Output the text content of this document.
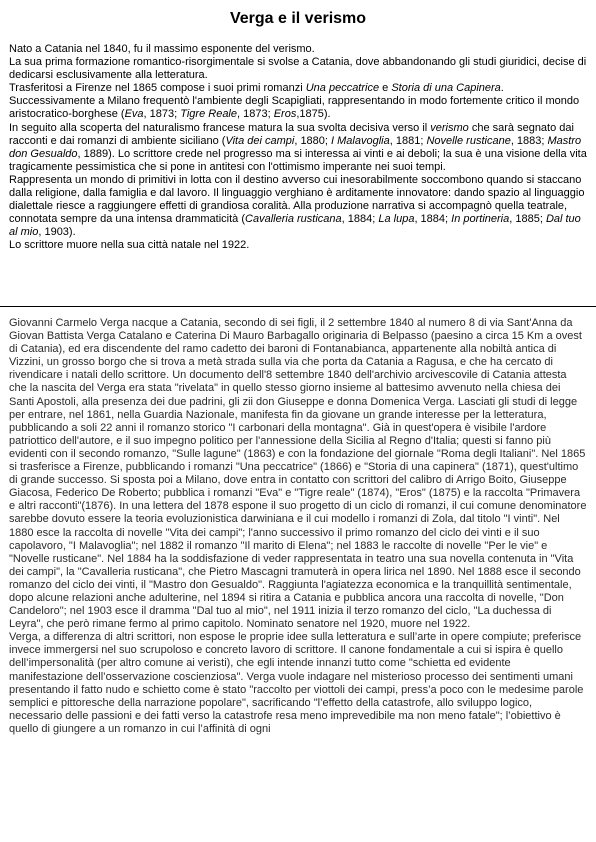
Verga e il verismo

Nato a Catania nel 1840, fu il massimo esponente del verismo.

La sua prima formazione romantico-risorgimentale si svolse a Catania, dove abbandonando gli studi giuridici, decise di dedicarsi esclusivamente alla letteratura.

Trasferitosi a Firenze nel 1865 compose i suoi primi romanzi Una peccatrice e Storia di una Capinera.

Successivamente a Milano frequentò l'ambiente degli Scapigliati, rappresentando in modo fortemente critico il mondo aristocratico-borghese (Eva, 1873; Tigre Reale, 1873; Eros,1875).

In seguito alla scoperta del naturalismo francese matura la sua svolta decisiva verso il verismo che sarà segnato dai racconti e dai romanzi di ambiente siciliano (Vita dei campi, 1880; I Malavoglia, 1881; Novelle rusticane, 1883; Mastro don Gesualdo, 1889). Lo scrittore crede nel progresso ma si interessa ai vinti e ai deboli; la sua è una visione della vita tragicamente pessimistica che si pone in antitesi con l'ottimismo imperante nei suoi tempi.

Rappresenta un mondo di primitivi in lotta con il destino avverso cui inesorabilmente soccombono quando si staccano dalla religione, dalla famiglia e dal lavoro. Il linguaggio verghiano è arditamente innovatore: dando spazio al linguaggio dialettale riesce a raggiungere effetti di grandiosa coralità. Alla produzione narrativa si accompagnò quella teatrale, connotata sempre da una intensa drammaticità (Cavalleria rusticana, 1884; La lupa, 1884; In portineria, 1885; Dal tuo al mio, 1903).

Lo scrittore muore nella sua città natale nel 1922.

Giovanni Carmelo Verga nacque a Catania, secondo di sei figli, il 2 settembre 1840 al numero 8 di via Sant'Anna da Giovan Battista Verga Catalano e Caterina Di Mauro Barbagallo originaria di Belpasso (paesino a circa 15 Km a ovest di Catania), ed era discendente del ramo cadetto dei baroni di Fontanabianca, appartenente alla nobiltà antica di Vizzini, un grosso borgo che si trova a metà strada sulla via che porta da Catania a Ragusa, e che ha cercato di rivendicare i natali dello scrittore. Un documento dell'8 settembre 1840 dell'archivio arcivescovile di Catania attesta che la nascita del Verga era stata "rivelata" in quello stesso giorno insieme al battesimo avvenuto nella chiesa dei Santi Apostoli, alla presenza dei due padrini, gli zii don Giuseppe e donna Domenica Verga. Lasciati gli studi di legge per entrare, nel 1861, nella Guardia Nazionale, manifesta fin da giovane un grande interesse per la letteratura, pubblicando a soli 22 anni il romanzo storico "I carbonari della montagna". Già in quest'opera è visibile l'ardore patriottico dell'autore, e il suo impegno politico per l'annessione della Sicilia al Regno d'Italia; questi si fanno più evidenti con il secondo romanzo, "Sulle lagune" (1863) e con la fondazione del giornale "Roma degli Italiani". Nel 1865 si trasferisce a Firenze, pubblicando i romanzi "Una peccatrice" (1866) e "Storia di una capinera" (1871), quest'ultimo di grande successo. Si sposta poi a Milano, dove entra in contatto con scrittori del calibro di Arrigo Boito, Giuseppe Giacosa, Federico De Roberto; pubblica i romanzi "Eva" e "Tigre reale" (1874), "Eros" (1875) e la raccolta "Primavera e altri racconti"(1876). In una lettera del 1878 espone il suo progetto di un ciclo di romanzi, il cui comune denominatore sarebbe dovuto essere la teoria evoluzionistica darwiniana e il cui modello i romanzi di Zola, dal titolo "I vinti". Nel 1880 esce la raccolta di novelle "Vita dei campi"; l'anno successivo il primo romanzo del ciclo dei vinti e il suo capolavoro, "I Malavoglia"; nel 1882 il romanzo "Il marito di Elena"; nel 1883 le raccolte di novelle "Per le vie" e "Novelle rusticane". Nel 1884 ha la soddisfazione di veder rappresentata in teatro una sua novella contenuta in "Vita dei campi", la "Cavalleria rusticana", che Pietro Mascagni tramuterà in opera lirica nel 1890. Nel 1888 esce il secondo romanzo del ciclo dei vinti, il "Mastro don Gesualdo". Raggiunta l'agiatezza economica e la tranquillità sentimentale, dopo alcune relazioni anche adulterine, nel 1894 si ritira a Catania e pubblica ancora una raccolta di novelle, "Don Candeloro"; nel 1903 esce il dramma "Dal tuo al mio", nel 1911 inizia il terzo romanzo del ciclo, "La duchessa di Leyra", che però rimane fermo al primo capitolo. Nominato senatore nel 1920, muore nel 1922.

Verga, a differenza di altri scrittori, non espose le proprie idee sulla letteratura e sull’arte in opere compiute; preferisce invece immergersi nel suo scrupoloso e concreto lavoro di scrittore. Il canone fondamentale a cui si ispira è quello dell’impersonalità (per altro comune ai veristi), che egli intende innanzi tutto come "schietta ed evidente manifestazione dell’osservazione coscienziosa". Verga vuole indagare nel misterioso processo dei sentimenti umani presentando il fatto nudo e schietto come è stato "raccolto per viottoli dei campi, press’a poco con le medesime parole semplici e pittoresche della narrazione popolare", sacrificando "l’effetto della catastrofe, allo sviluppo logico, necessario delle passioni e dei fatti verso la catastrofe resa meno imprevedibile ma non meno fatale"; l’obiettivo è quello di giungere a un romanzo in cui l’affinità di ogni
